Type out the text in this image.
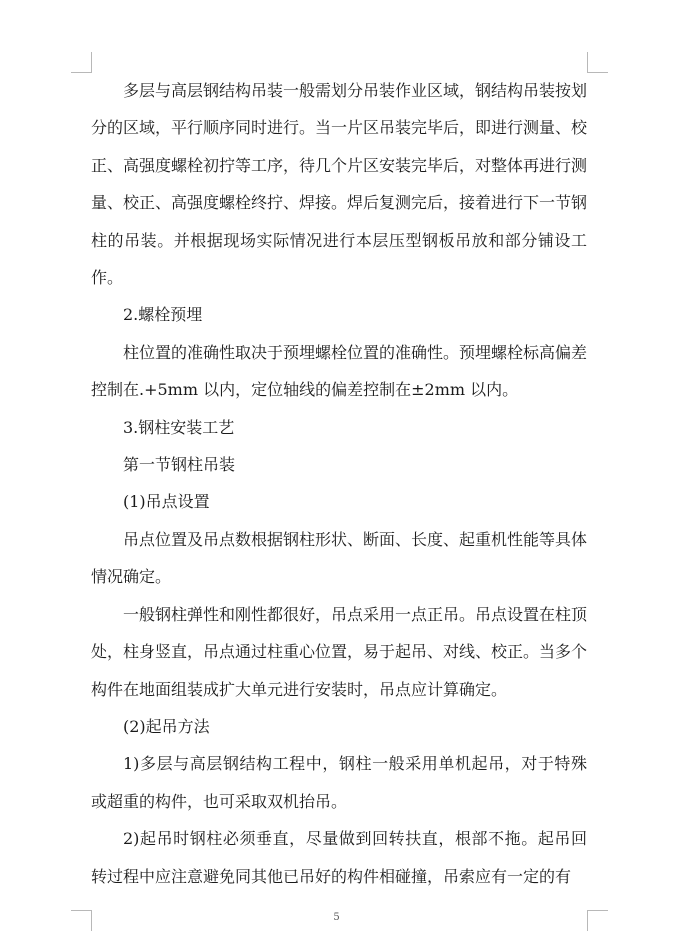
多层与高层钢结构吊装一般需划分吊装作业区域，钢结构吊装按划分的区域，平行顺序同时进行。当一片区吊装完毕后，即进行测量、校正、高强度螺栓初拧等工序，待几个片区安装完毕后，对整体再进行测量、校正、高强度螺栓终拧、焊接。焊后复测完后，接着进行下一节钢柱的吊装。并根据现场实际情况进行本层压型钢板吊放和部分铺设工作。

2.螺栓预埋

柱位置的准确性取决于预埋螺栓位置的准确性。预埋螺栓标高偏差控制在.+5mm 以内，定位轴线的偏差控制在±2mm 以内。

3.钢柱安装工艺

第一节钢柱吊装

(1)吊点设置

吊点位置及吊点数根据钢柱形状、断面、长度、起重机性能等具体情况确定。

一般钢柱弹性和刚性都很好，吊点采用一点正吊。吊点设置在柱顶处，柱身竖直，吊点通过柱重心位置，易于起吊、对线、校正。当多个构件在地面组装成扩大单元进行安装时，吊点应计算确定。

(2)起吊方法

1)多层与高层钢结构工程中，钢柱一般采用单机起吊，对于特殊或超重的构件，也可采取双机抬吊。

2)起吊时钢柱必须垂直，尽量做到回转扶直，根部不拖。起吊回转过程中应注意避免同其他已吊好的构件相碰撞，吊索应有一定的有

5
